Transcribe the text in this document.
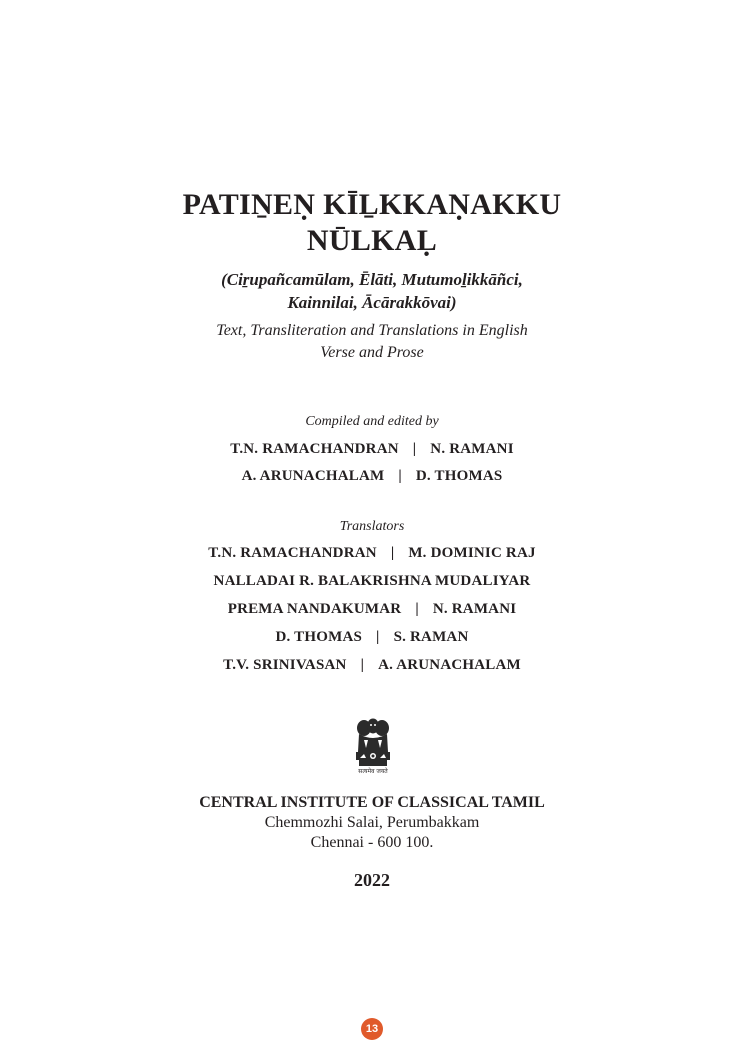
PATIṈEṆ KĪḺKKAṆAKKU
NŪLKAḶ
(Ciṟupañcamūlam, Ēlāti, Mutumoḻikkāñci,
Kainnilai, Ācārakkōvai)
Text, Transliteration and Translations in English
Verse and Prose
Compiled and edited by
T.N. RAMACHANDRAN | N. RAMANI
A. ARUNACHALAM | D. THOMAS
Translators
T.N. RAMACHANDRAN | M. DOMINIC RAJ
NALLADAI R. BALAKRISHNA MUDALIYAR
PREMA NANDAKUMAR | N. RAMANI
D. THOMAS | S. RAMAN
T.V. SRINIVASAN | A. ARUNACHALAM
सत्यमेव जयते
CENTRAL INSTITUTE OF CLASSICAL TAMIL
Chemmozhi Salai, Perumbakkam
Chennai - 600 100.
2022
13
